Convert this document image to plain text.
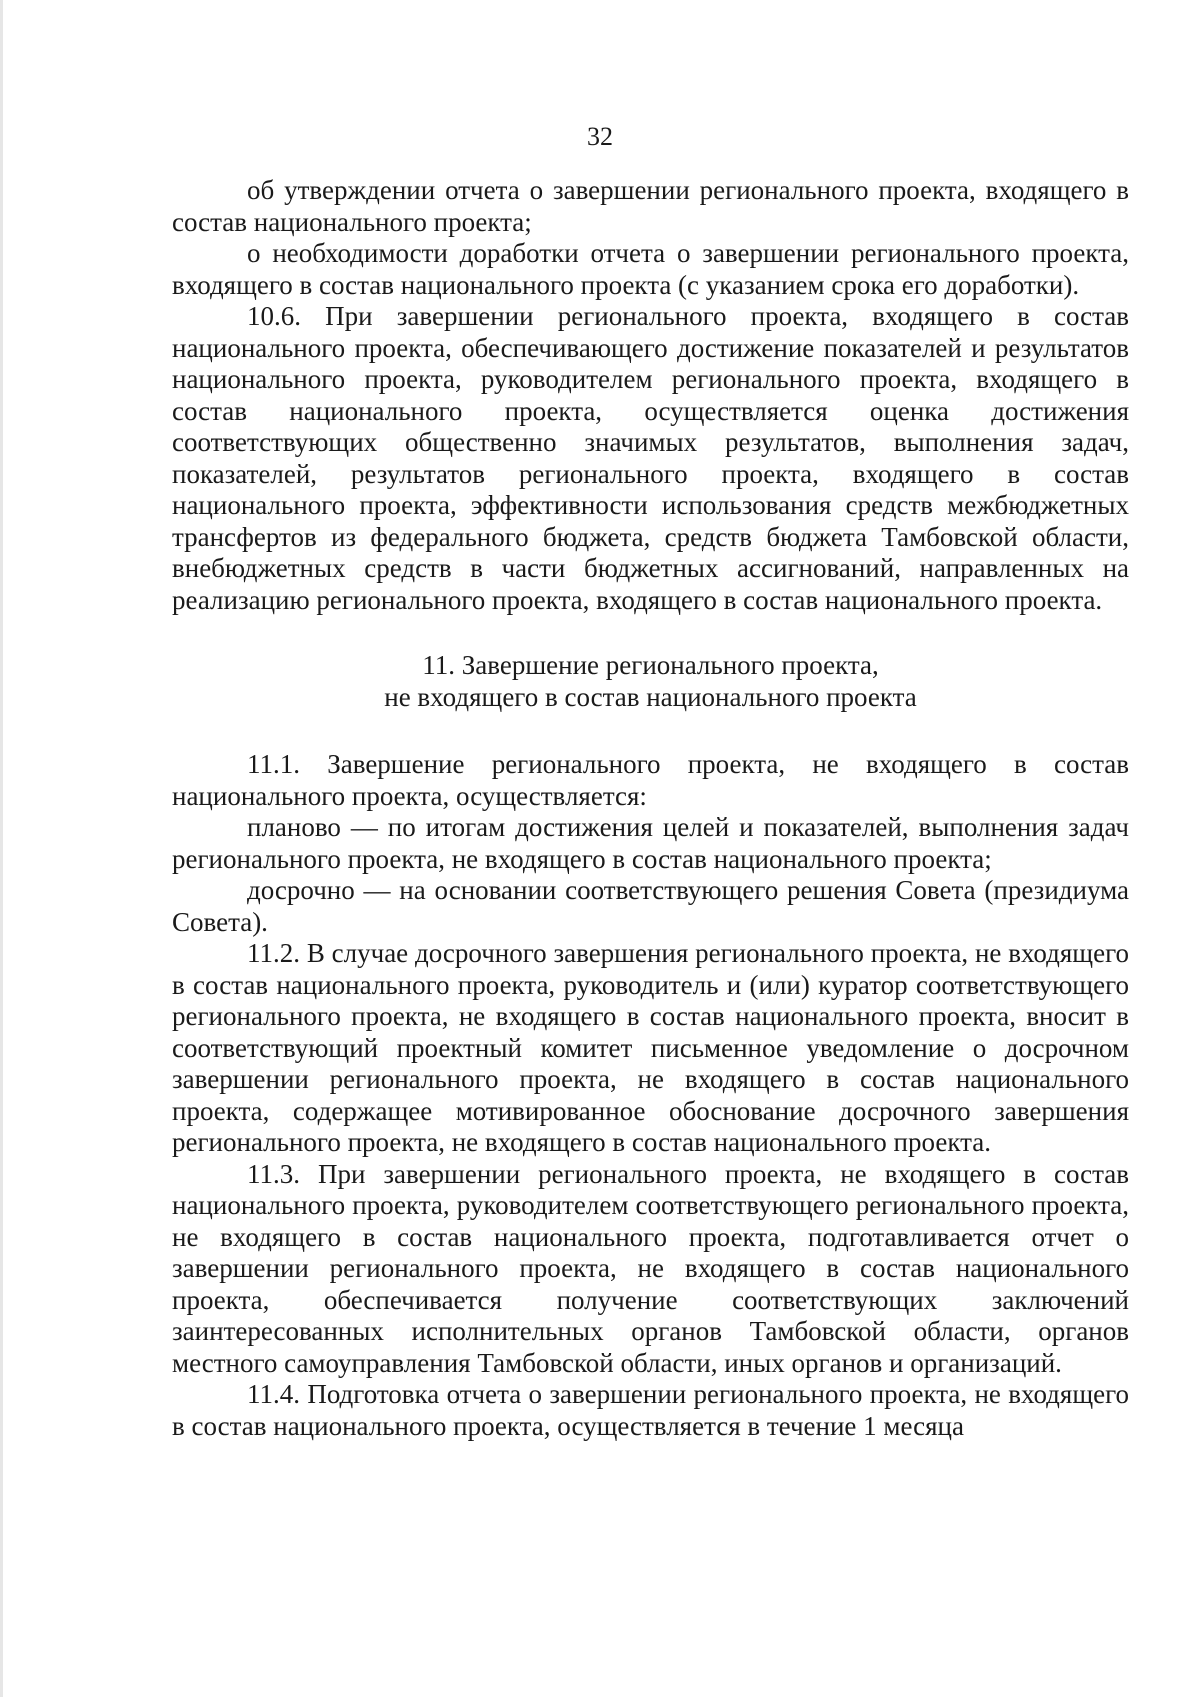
32

об утверждении отчета о завершении регионального проекта, входящего в состав национального проекта;

о необходимости доработки отчета о завершении регионального проекта, входящего в состав национального проекта (с указанием срока его доработки).

10.6. При завершении регионального проекта, входящего в состав национального проекта, обеспечивающего достижение показателей и результатов национального проекта, руководителем регионального проекта, входящего в состав национального проекта, осуществляется оценка достижения соответствующих общественно значимых результатов, выполнения задач, показателей, результатов регионального проекта, входящего в состав национального проекта, эффективности использования средств межбюджетных трансфертов из федерального бюджета, средств бюджета Тамбовской области, внебюджетных средств в части бюджетных ассигнований, направленных на реализацию регионального проекта, входящего в состав национального проекта.

11. Завершение регионального проекта,
не входящего в состав национального проекта

11.1. Завершение регионального проекта, не входящего в состав национального проекта, осуществляется:

планово — по итогам достижения целей и показателей, выполнения задач регионального проекта, не входящего в состав национального проекта;

досрочно — на основании соответствующего решения Совета (президиума Совета).

11.2. В случае досрочного завершения регионального проекта, не входящего в состав национального проекта, руководитель и (или) куратор соответствующего регионального проекта, не входящего в состав национального проекта, вносит в соответствующий проектный комитет письменное уведомление о досрочном завершении регионального проекта, не входящего в состав национального проекта, содержащее мотивированное обоснование досрочного завершения регионального проекта, не входящего в состав национального проекта.

11.3. При завершении регионального проекта, не входящего в состав национального проекта, руководителем соответствующего регионального проекта, не входящего в состав национального проекта, подготавливается отчет о завершении регионального проекта, не входящего в состав национального проекта, обеспечивается получение соответствующих заключений заинтересованных исполнительных органов Тамбовской области, органов местного самоуправления Тамбовской области, иных органов и организаций.

11.4. Подготовка отчета о завершении регионального проекта, не входящего в состав национального проекта, осуществляется в течение 1 месяца
